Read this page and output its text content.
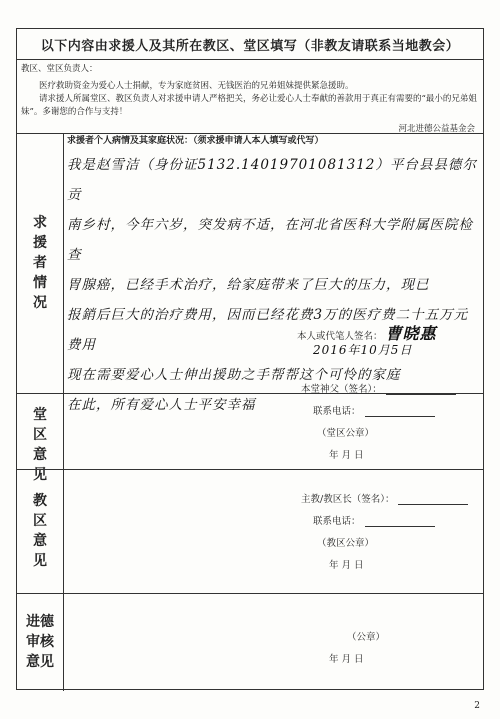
以下内容由求援人及其所在教区、堂区填写（非教友请联系当地教会）
教区、堂区负责人：
医疗救助资金为爱心人士捐献，专为家庭贫困、无钱医治的兄弟姐妹提供紧急援助。
请求援人所属堂区、教区负责人对求援申请人严格把关，务必让爱心人士奉献的善款用于真正有需要的“最小的兄弟姐妹”。多谢您的合作与支持！
河北进德公益基金会
求
援
者
情
况
求援者个人病情及其家庭状况：（须求援申请人本人填写或代写）
我是赵雪洁（身份证5132.14019701081312）平台县县德尔贡
南乡村，今年六岁，突发病不适，在河北省医科大学附属医院检查
胃腺癌，已经手术治疗，给家庭带来了巨大的压力，现已
报銷后巨大的治疗费用，因而已经花费3万的医疗费二十五万元费用
现在需要爱心人士伸出援助之手帮帮这个可怜的家庭
在此，所有爱心人士平安幸福
本人或代笔人签名： 曹晓惠
2016年10月5日
堂
区
意
见
本堂神父（签名）：
联系电话：
（堂区公章）
年 月 日
教
区
意
见
主教/教区长（签名）：
联系电话：
（教区公章）
年 月 日
进德
审核
意见
（公章）
年 月 日
2
